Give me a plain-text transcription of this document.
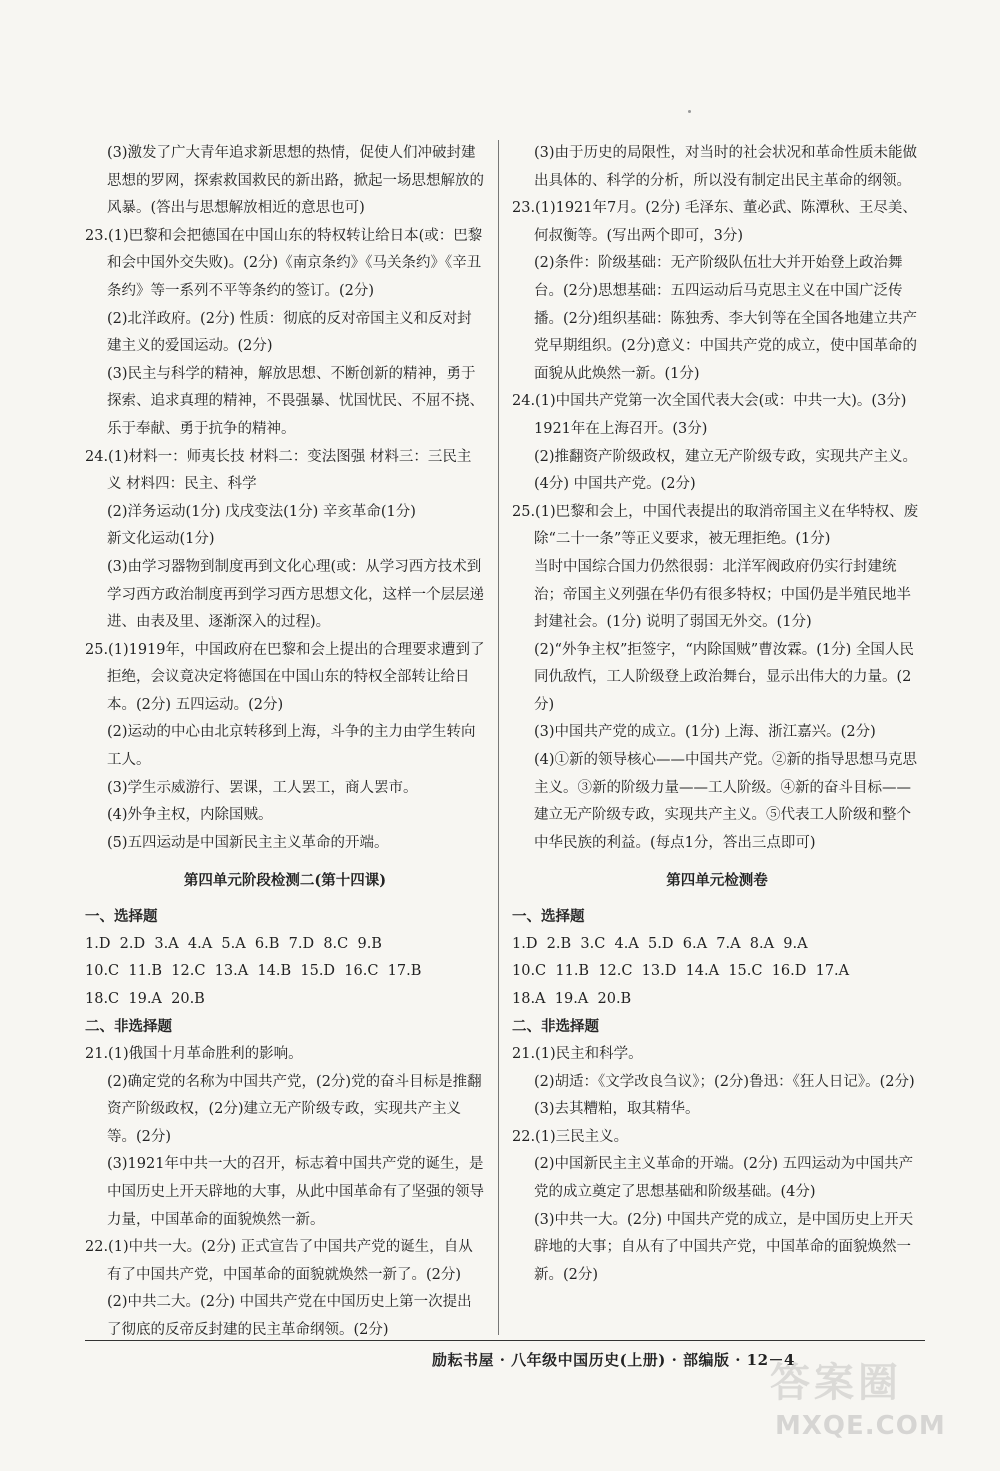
(3)激发了广大青年追求新思想的热情，促使人们冲破封建思想的罗网，探索救国救民的新出路，掀起一场思想解放的风暴。(答出与思想解放相近的意思也可)

23.(1)巴黎和会把德国在中国山东的特权转让给日本(或：巴黎和会中国外交失败)。(2分)《南京条约》《马关条约》《辛丑条约》等一系列不平等条约的签订。(2分)

(2)北洋政府。(2分) 性质：彻底的反对帝国主义和反对封建主义的爱国运动。(2分)

(3)民主与科学的精神，解放思想、不断创新的精神，勇于探索、追求真理的精神，不畏强暴、忧国忧民、不屈不挠、乐于奉献、勇于抗争的精神。

24.(1)材料一：师夷长技 材料二：变法图强 材料三：三民主义 材料四：民主、科学

(2)洋务运动(1分) 戊戌变法(1分) 辛亥革命(1分)

新文化运动(1分)

(3)由学习器物到制度再到文化心理(或：从学习西方技术到学习西方政治制度再到学习西方思想文化，这样一个层层递进、由表及里、逐渐深入的过程)。

25.(1)1919年，中国政府在巴黎和会上提出的合理要求遭到了拒绝，会议竟决定将德国在中国山东的特权全部转让给日本。(2分) 五四运动。(2分)

(2)运动的中心由北京转移到上海，斗争的主力由学生转向工人。

(3)学生示威游行、罢课，工人罢工，商人罢市。

(4)外争主权，内除国贼。

(5)五四运动是中国新民主主义革命的开端。

第四单元阶段检测二(第十四课)

一、选择题

1.D  2.D  3.A  4.A  5.A  6.B  7.D  8.C  9.B

10.C  11.B  12.C  13.A  14.B  15.D  16.C  17.B

18.C  19.A  20.B

二、非选择题

21.(1)俄国十月革命胜利的影响。

(2)确定党的名称为中国共产党，(2分)党的奋斗目标是推翻资产阶级政权，(2分)建立无产阶级专政，实现共产主义等。(2分)

(3)1921年中共一大的召开，标志着中国共产党的诞生，是中国历史上开天辟地的大事，从此中国革命有了坚强的领导力量，中国革命的面貌焕然一新。

22.(1)中共一大。(2分) 正式宣告了中国共产党的诞生，自从有了中国共产党，中国革命的面貌就焕然一新了。(2分)

(2)中共二大。(2分) 中国共产党在中国历史上第一次提出了彻底的反帝反封建的民主革命纲领。(2分)

(3)由于历史的局限性，对当时的社会状况和革命性质未能做出具体的、科学的分析，所以没有制定出民主革命的纲领。

23.(1)1921年7月。(2分) 毛泽东、董必武、陈潭秋、王尽美、何叔衡等。(写出两个即可，3分)

(2)条件：阶级基础：无产阶级队伍壮大并开始登上政治舞台。(2分)思想基础：五四运动后马克思主义在中国广泛传播。(2分)组织基础：陈独秀、李大钊等在全国各地建立共产党早期组织。(2分)意义：中国共产党的成立，使中国革命的面貌从此焕然一新。(1分)

24.(1)中国共产党第一次全国代表大会(或：中共一大)。(3分) 1921年在上海召开。(3分)

(2)推翻资产阶级政权，建立无产阶级专政，实现共产主义。(4分) 中国共产党。(2分)

25.(1)巴黎和会上，中国代表提出的取消帝国主义在华特权、废除“二十一条”等正义要求，被无理拒绝。(1分)

当时中国综合国力仍然很弱：北洋军阀政府仍实行封建统治；帝国主义列强在华仍有很多特权；中国仍是半殖民地半封建社会。(1分) 说明了弱国无外交。(1分)

(2)“外争主权”拒签字，“内除国贼”曹汝霖。(1分) 全国人民同仇敌忾，工人阶级登上政治舞台，显示出伟大的力量。(2分)

(3)中国共产党的成立。(1分) 上海、浙江嘉兴。(2分)

(4)①新的领导核心——中国共产党。②新的指导思想马克思主义。③新的阶级力量——工人阶级。④新的奋斗目标——建立无产阶级专政，实现共产主义。⑤代表工人阶级和整个中华民族的利益。(每点1分，答出三点即可)

第四单元检测卷

一、选择题

1.D  2.B  3.C  4.A  5.D  6.A  7.A  8.A  9.A

10.C  11.B  12.C  13.D  14.A  15.C  16.D  17.A

18.A  19.A  20.B

二、非选择题

21.(1)民主和科学。

(2)胡适：《文学改良刍议》；(2分)鲁迅：《狂人日记》。(2分)

(3)去其糟粕，取其精华。

22.(1)三民主义。

(2)中国新民主主义革命的开端。(2分) 五四运动为中国共产党的成立奠定了思想基础和阶级基础。(4分)

(3)中共一大。(2分) 中国共产党的成立，是中国历史上开天辟地的大事；自从有了中国共产党，中国革命的面貌焕然一新。(2分)

励耘书屋 · 八年级中国历史(上册) · 部编版 · 12－4
答案圈
MXQE.COM
